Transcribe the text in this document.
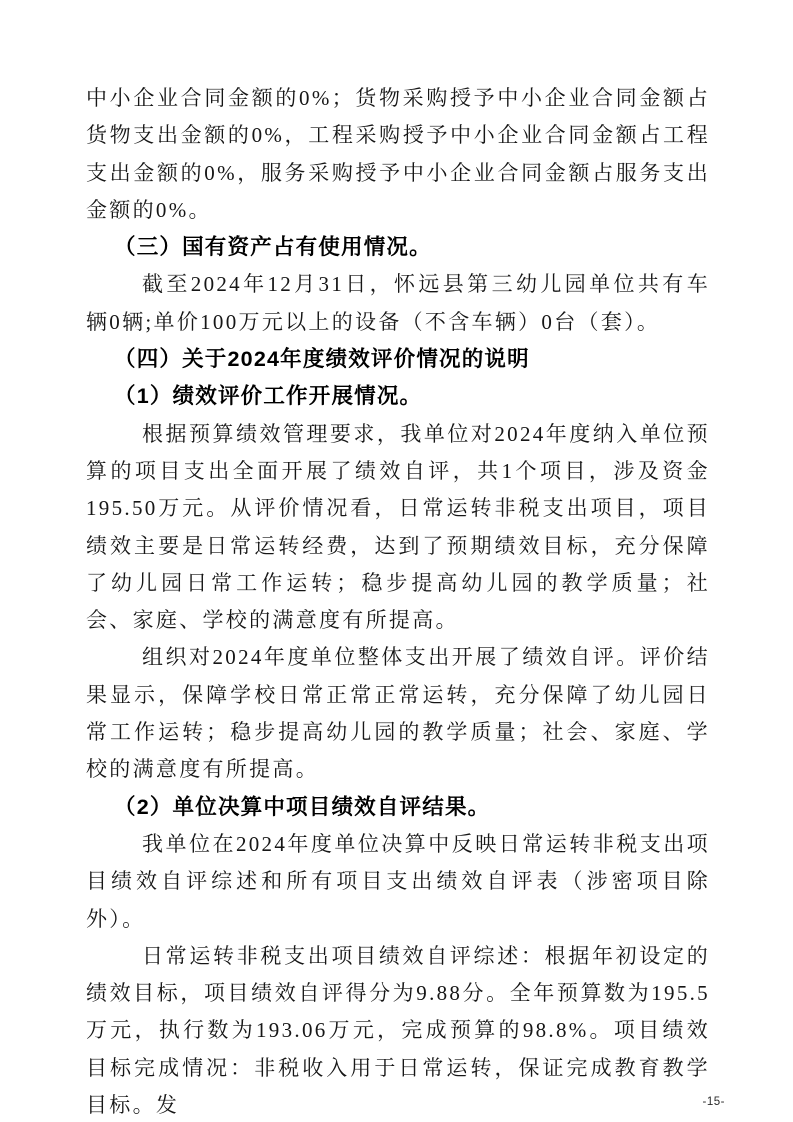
中小企业合同金额的0%；货物采购授予中小企业合同金额占货物支出金额的0%，工程采购授予中小企业合同金额占工程支出金额的0%，服务采购授予中小企业合同金额占服务支出金额的0%。

（三）国有资产占有使用情况。

截至2024年12月31日，怀远县第三幼儿园单位共有车辆0辆;单价100万元以上的设备（不含车辆）0台（套）。

（四）关于2024年度绩效评价情况的说明

（1）绩效评价工作开展情况。

根据预算绩效管理要求，我单位对2024年度纳入单位预算的项目支出全面开展了绩效自评，共1个项目，涉及资金195.50万元。从评价情况看，日常运转非税支出项目，项目绩效主要是日常运转经费，达到了预期绩效目标，充分保障了幼儿园日常工作运转；稳步提高幼儿园的教学质量；社会、家庭、学校的满意度有所提高。

组织对2024年度单位整体支出开展了绩效自评。评价结果显示，保障学校日常正常正常运转，充分保障了幼儿园日常工作运转；稳步提高幼儿园的教学质量；社会、家庭、学校的满意度有所提高。

（2）单位决算中项目绩效自评结果。

我单位在2024年度单位决算中反映日常运转非税支出项目绩效自评综述和所有项目支出绩效自评表（涉密项目除外）。

日常运转非税支出项目绩效自评综述：根据年初设定的绩效目标，项目绩效自评得分为9.88分。全年预算数为195.5万元，执行数为193.06万元，完成预算的98.8%。项目绩效目标完成情况：非税收入用于日常运转，保证完成教育教学目标。发	-15-
